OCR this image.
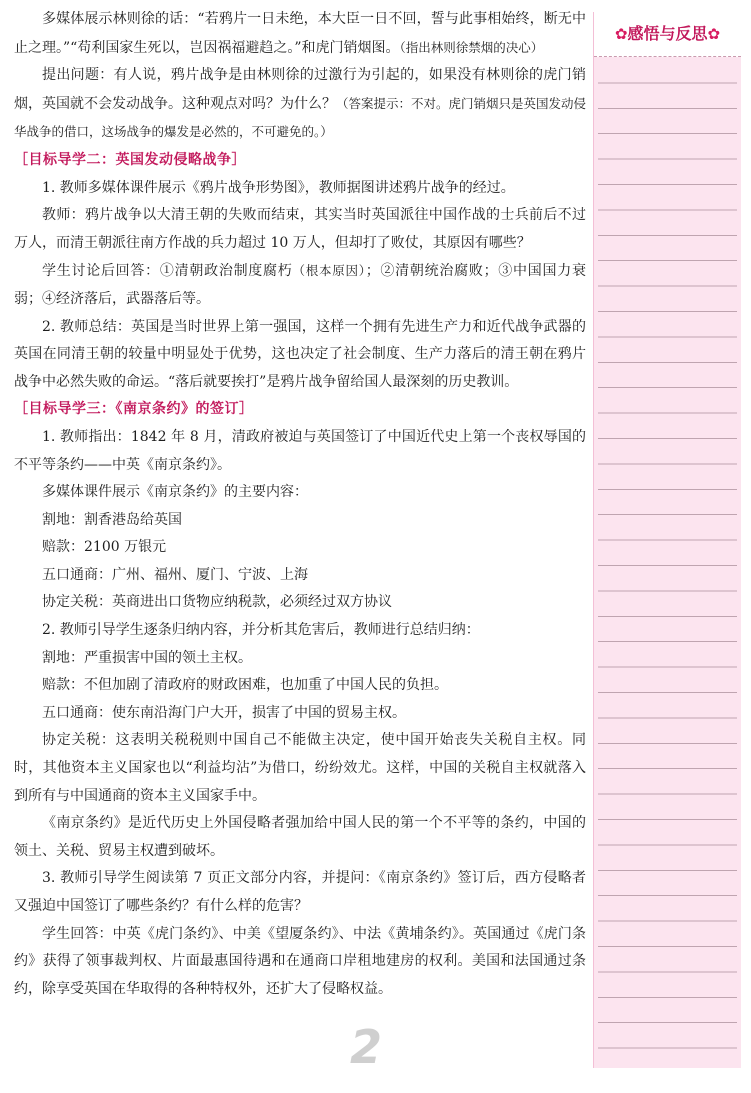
多媒体展示林则徐的话：“若鸦片一日未绝，本大臣一日不回，誓与此事相始终，断无中止之理。”“苟利国家生死以，岂因祸福避趋之。”和虎门销烟图。（指出林则徐禁烟的决心）

提出问题：有人说，鸦片战争是由林则徐的过激行为引起的，如果没有林则徐的虎门销烟，英国就不会发动战争。这种观点对吗？为什么？（答案提示：不对。虎门销烟只是英国发动侵华战争的借口，这场战争的爆发是必然的，不可避免的。）

［目标导学二：英国发动侵略战争］

1. 教师多媒体课件展示《鸦片战争形势图》，教师据图讲述鸦片战争的经过。

教师：鸦片战争以大清王朝的失败而结束，其实当时英国派往中国作战的士兵前后不过万人，而清王朝派往南方作战的兵力超过 10 万人，但却打了败仗，其原因有哪些？

学生讨论后回答：①清朝政治制度腐朽（根本原因）；②清朝统治腐败；③中国国力衰弱；④经济落后，武器落后等。

2. 教师总结：英国是当时世界上第一强国，这样一个拥有先进生产力和近代战争武器的英国在同清王朝的较量中明显处于优势，这也决定了社会制度、生产力落后的清王朝在鸦片战争中必然失败的命运。“落后就要挨打”是鸦片战争留给国人最深刻的历史教训。

［目标导学三：《南京条约》的签订］

1. 教师指出：1842 年 8 月，清政府被迫与英国签订了中国近代史上第一个丧权辱国的不平等条约——中英《南京条约》。

多媒体课件展示《南京条约》的主要内容：

割地：割香港岛给英国

赔款：2100 万银元

五口通商：广州、福州、厦门、宁波、上海

协定关税：英商进出口货物应纳税款，必须经过双方协议

2. 教师引导学生逐条归纳内容，并分析其危害后，教师进行总结归纳：

割地：严重损害中国的领土主权。

赔款：不但加剧了清政府的财政困难，也加重了中国人民的负担。

五口通商：使东南沿海门户大开，损害了中国的贸易主权。

协定关税：这表明关税税则中国自己不能做主决定，使中国开始丧失关税自主权。同时，其他资本主义国家也以“利益均沾”为借口，纷纷效尤。这样，中国的关税自主权就落入到所有与中国通商的资本主义国家手中。

《南京条约》是近代历史上外国侵略者强加给中国人民的第一个不平等的条约，中国的领土、关税、贸易主权遭到破坏。

3. 教师引导学生阅读第 7 页正文部分内容，并提问：《南京条约》签订后，西方侵略者又强迫中国签订了哪些条约？有什么样的危害？

学生回答：中英《虎门条约》、中美《望厦条约》、中法《黄埔条约》。英国通过《虎门条约》获得了领事裁判权、片面最惠国待遇和在通商口岸租地建房的权利。美国和法国通过条约，除享受英国在华取得的各种特权外，还扩大了侵略权益。

✿感悟与反思✿
2
